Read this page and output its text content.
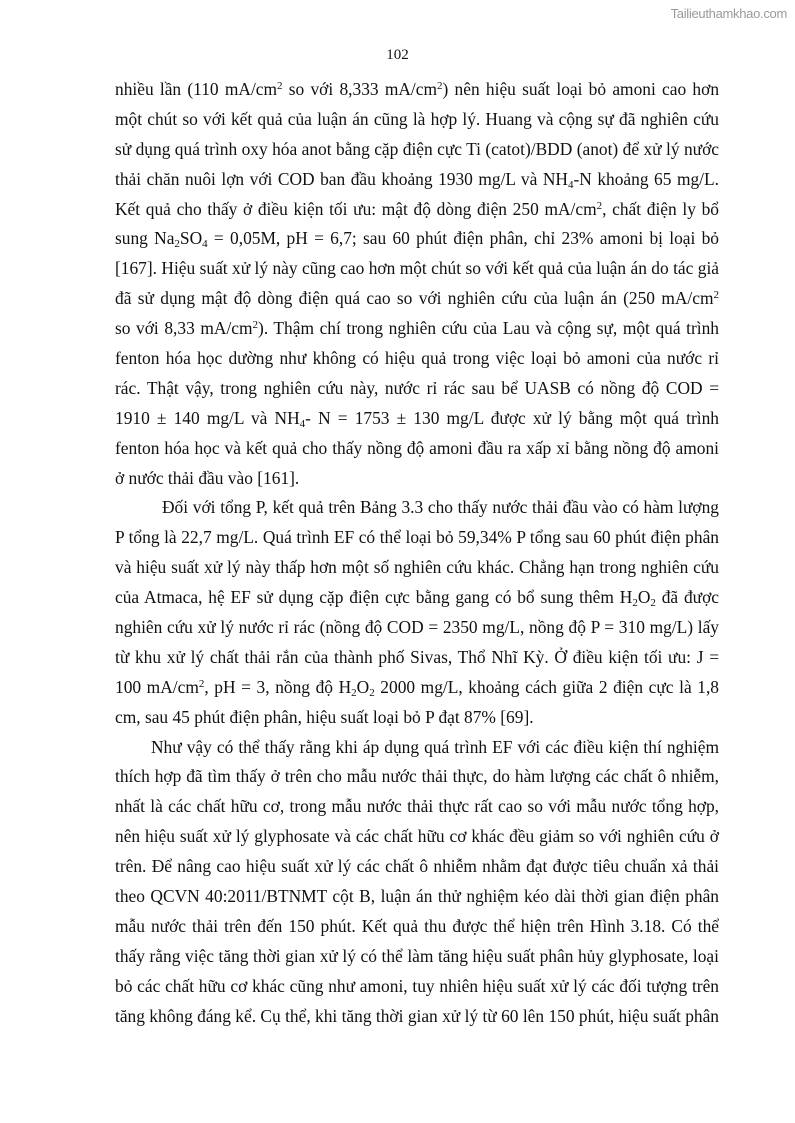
Tailieuthamkhao.com
102
nhiều lần (110 $mA/cm^2$ so với 8,333 $mA/cm^2$) nên hiệu suất loại bỏ amoni cao hơn
một chút so với kết quả của luận án cũng là hợp lý. Huang và cộng sự đã nghiên cứu
sử dụng quá trình oxy hóa anot bằng cặp điện cực Ti (catot)/BDD (anot) để xử lý nước
thải chăn nuôi lợn với COD ban đầu khoảng 1930 mg/L và $NH_4-N$ khoảng 65 mg/L.
Kết quả cho thấy ở điều kiện tối ưu: mật độ dòng điện 250 $mA/cm^2$, chất điện ly bổ
sung $Na_2SO_4 = 0,05M$, pH = 6,7; sau 60 phút điện phân, chỉ 23% amoni bị loại bỏ
[167]. Hiệu suất xử lý này cũng cao hơn một chút so với kết quả của luận án do tác giả
đã sử dụng mật độ dòng điện quá cao so với nghiên cứu của luận án (250 $mA/cm^2$
so với 8,33 $mA/cm^2$). Thậm chí trong nghiên cứu của Lau và cộng sự, một quá trình
fenton hóa học dường như không có hiệu quả trong việc loại bỏ amoni của nước rỉ
rác. Thật vậy, trong nghiên cứu này, nước rỉ rác sau bể UASB có nồng độ COD =
1910 ± 140 mg/L và $NH_4-$ N = 1753 ± 130 mg/L được xử lý bằng một quá trình
fenton hóa học và kết quả cho thấy nồng độ amoni đầu ra xấp xỉ bằng nồng độ amoni
ở nước thải đầu vào [161].
Đối với tổng P, kết quả trên Bảng 3.3 cho thấy nước thải đầu vào có hàm lượng
P tổng là 22,7 mg/L. Quá trình EF có thể loại bỏ 59,34% P tổng sau 60 phút điện phân
và hiệu suất xử lý này thấp hơn một số nghiên cứu khác. Chẳng hạn trong nghiên cứu
của Atmaca, hệ EF sử dụng cặp điện cực bằng gang có bổ sung thêm $H_2O_2$ đã được
nghiên cứu xử lý nước rỉ rác (nồng độ COD = 2350 mg/L, nồng độ P = 310 mg/L) lấy
từ khu xử lý chất thải rắn của thành phố Sivas, Thổ Nhĩ Kỳ. Ở điều kiện tối ưu: J =
100 $mA/cm^2$, pH = 3, nồng độ $H_2O_2$ 2000 mg/L, khoảng cách giữa 2 điện cực là 1,8
cm, sau 45 phút điện phân, hiệu suất loại bỏ P đạt 87% [69].
Như vậy có thể thấy rằng khi áp dụng quá trình EF với các điều kiện thí nghiệm
thích hợp đã tìm thấy ở trên cho mẫu nước thải thực, do hàm lượng các chất ô nhiễm,
nhất là các chất hữu cơ, trong mẫu nước thải thực rất cao so với mẫu nước tổng hợp,
nên hiệu suất xử lý glyphosate và các chất hữu cơ khác đều giảm so với nghiên cứu ở
trên. Để nâng cao hiệu suất xử lý các chất ô nhiễm nhằm đạt được tiêu chuẩn xả thải
theo QCVN 40:2011/BTNMT cột B, luận án thử nghiệm kéo dài thời gian điện phân
mẫu nước thải trên đến 150 phút. Kết quả thu được thể hiện trên Hình 3.18. Có thể
thấy rằng việc tăng thời gian xử lý có thể làm tăng hiệu suất phân hủy glyphosate, loại
bỏ các chất hữu cơ khác cũng như amoni, tuy nhiên hiệu suất xử lý các đối tượng trên
tăng không đáng kể. Cụ thể, khi tăng thời gian xử lý từ 60 lên 150 phút, hiệu suất phân
